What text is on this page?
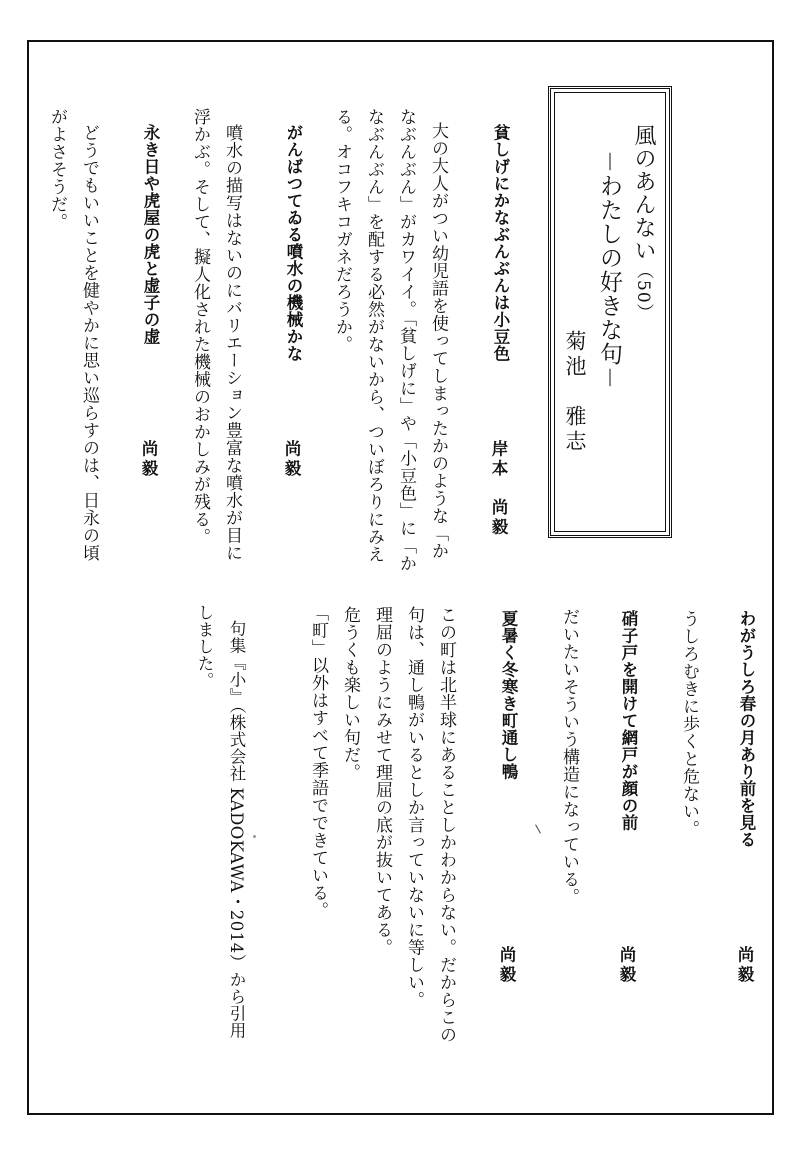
風のあんない（50）
－わたしの好きな句－
菊池　雅志
貧しげにかなぶんぶんは小豆色
岸本　尚毅
大の大人がつい幼児語を使ってしまったかのような「か
なぶんぶん」がカワイイ。「貧しげに」や「小豆色」に「か
なぶんぶん」を配する必然がないから、ついぼろりにみえ
る。オコフキコガネだろうか。
がんばつてゐる噴水の機械かな
尚毅
噴水の描写はないのにバリエーション豊富な噴水が目に
浮かぶ。そして、擬人化された機械のおかしみが残る。
永き日や虎屋の虎と虚子の虚
尚毅
どうでもいいことを健やかに思い巡らすのは、日永の頃
がよさそうだ。
わがうしろ春の月あり前を見る
尚毅
うしろむきに歩くと危ない。
硝子戸を開けて網戸が顔の前
尚毅
だいたいそういう構造になっている。
夏暑く冬寒き町通し鴨
尚毅
この町は北半球にあることしかわからない。だからこの
句は、通し鴨がいるとしか言っていないに等しい。
理屈のようにみせて理屈の底が抜いてある。
危うくも楽しい句だ。
「町」以外はすべて季語でできている。
句集『小』（株式会社 KADOKAWA・2014）から引用
しました。
